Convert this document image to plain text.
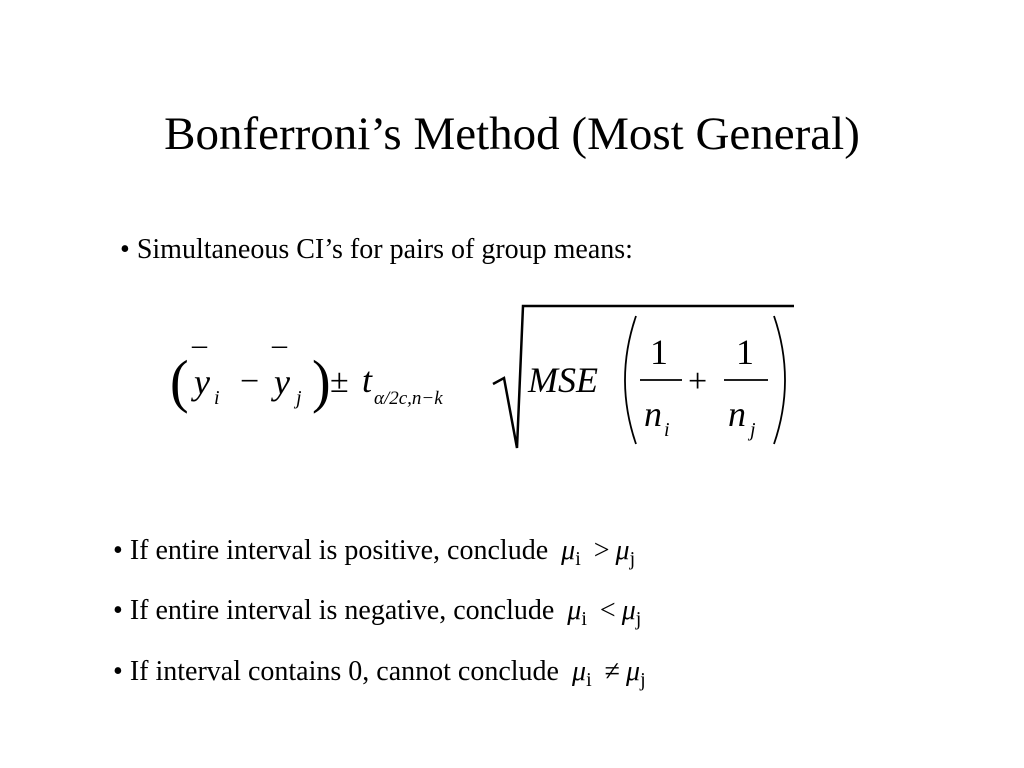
Bonferroni’s Method (Most General)
• Simultaneous CI’s for pairs of group means:
(
_
y i −
_
y j ) ± t α/2c,n−k MSE
1
n i
+
1
n j
• If entire interval is positive, conclude $\mu_i > \mu_j$
• If entire interval is negative, conclude $\mu_i < \mu_j$
• If interval contains 0, cannot conclude $\mu_i \ne \mu_j$
